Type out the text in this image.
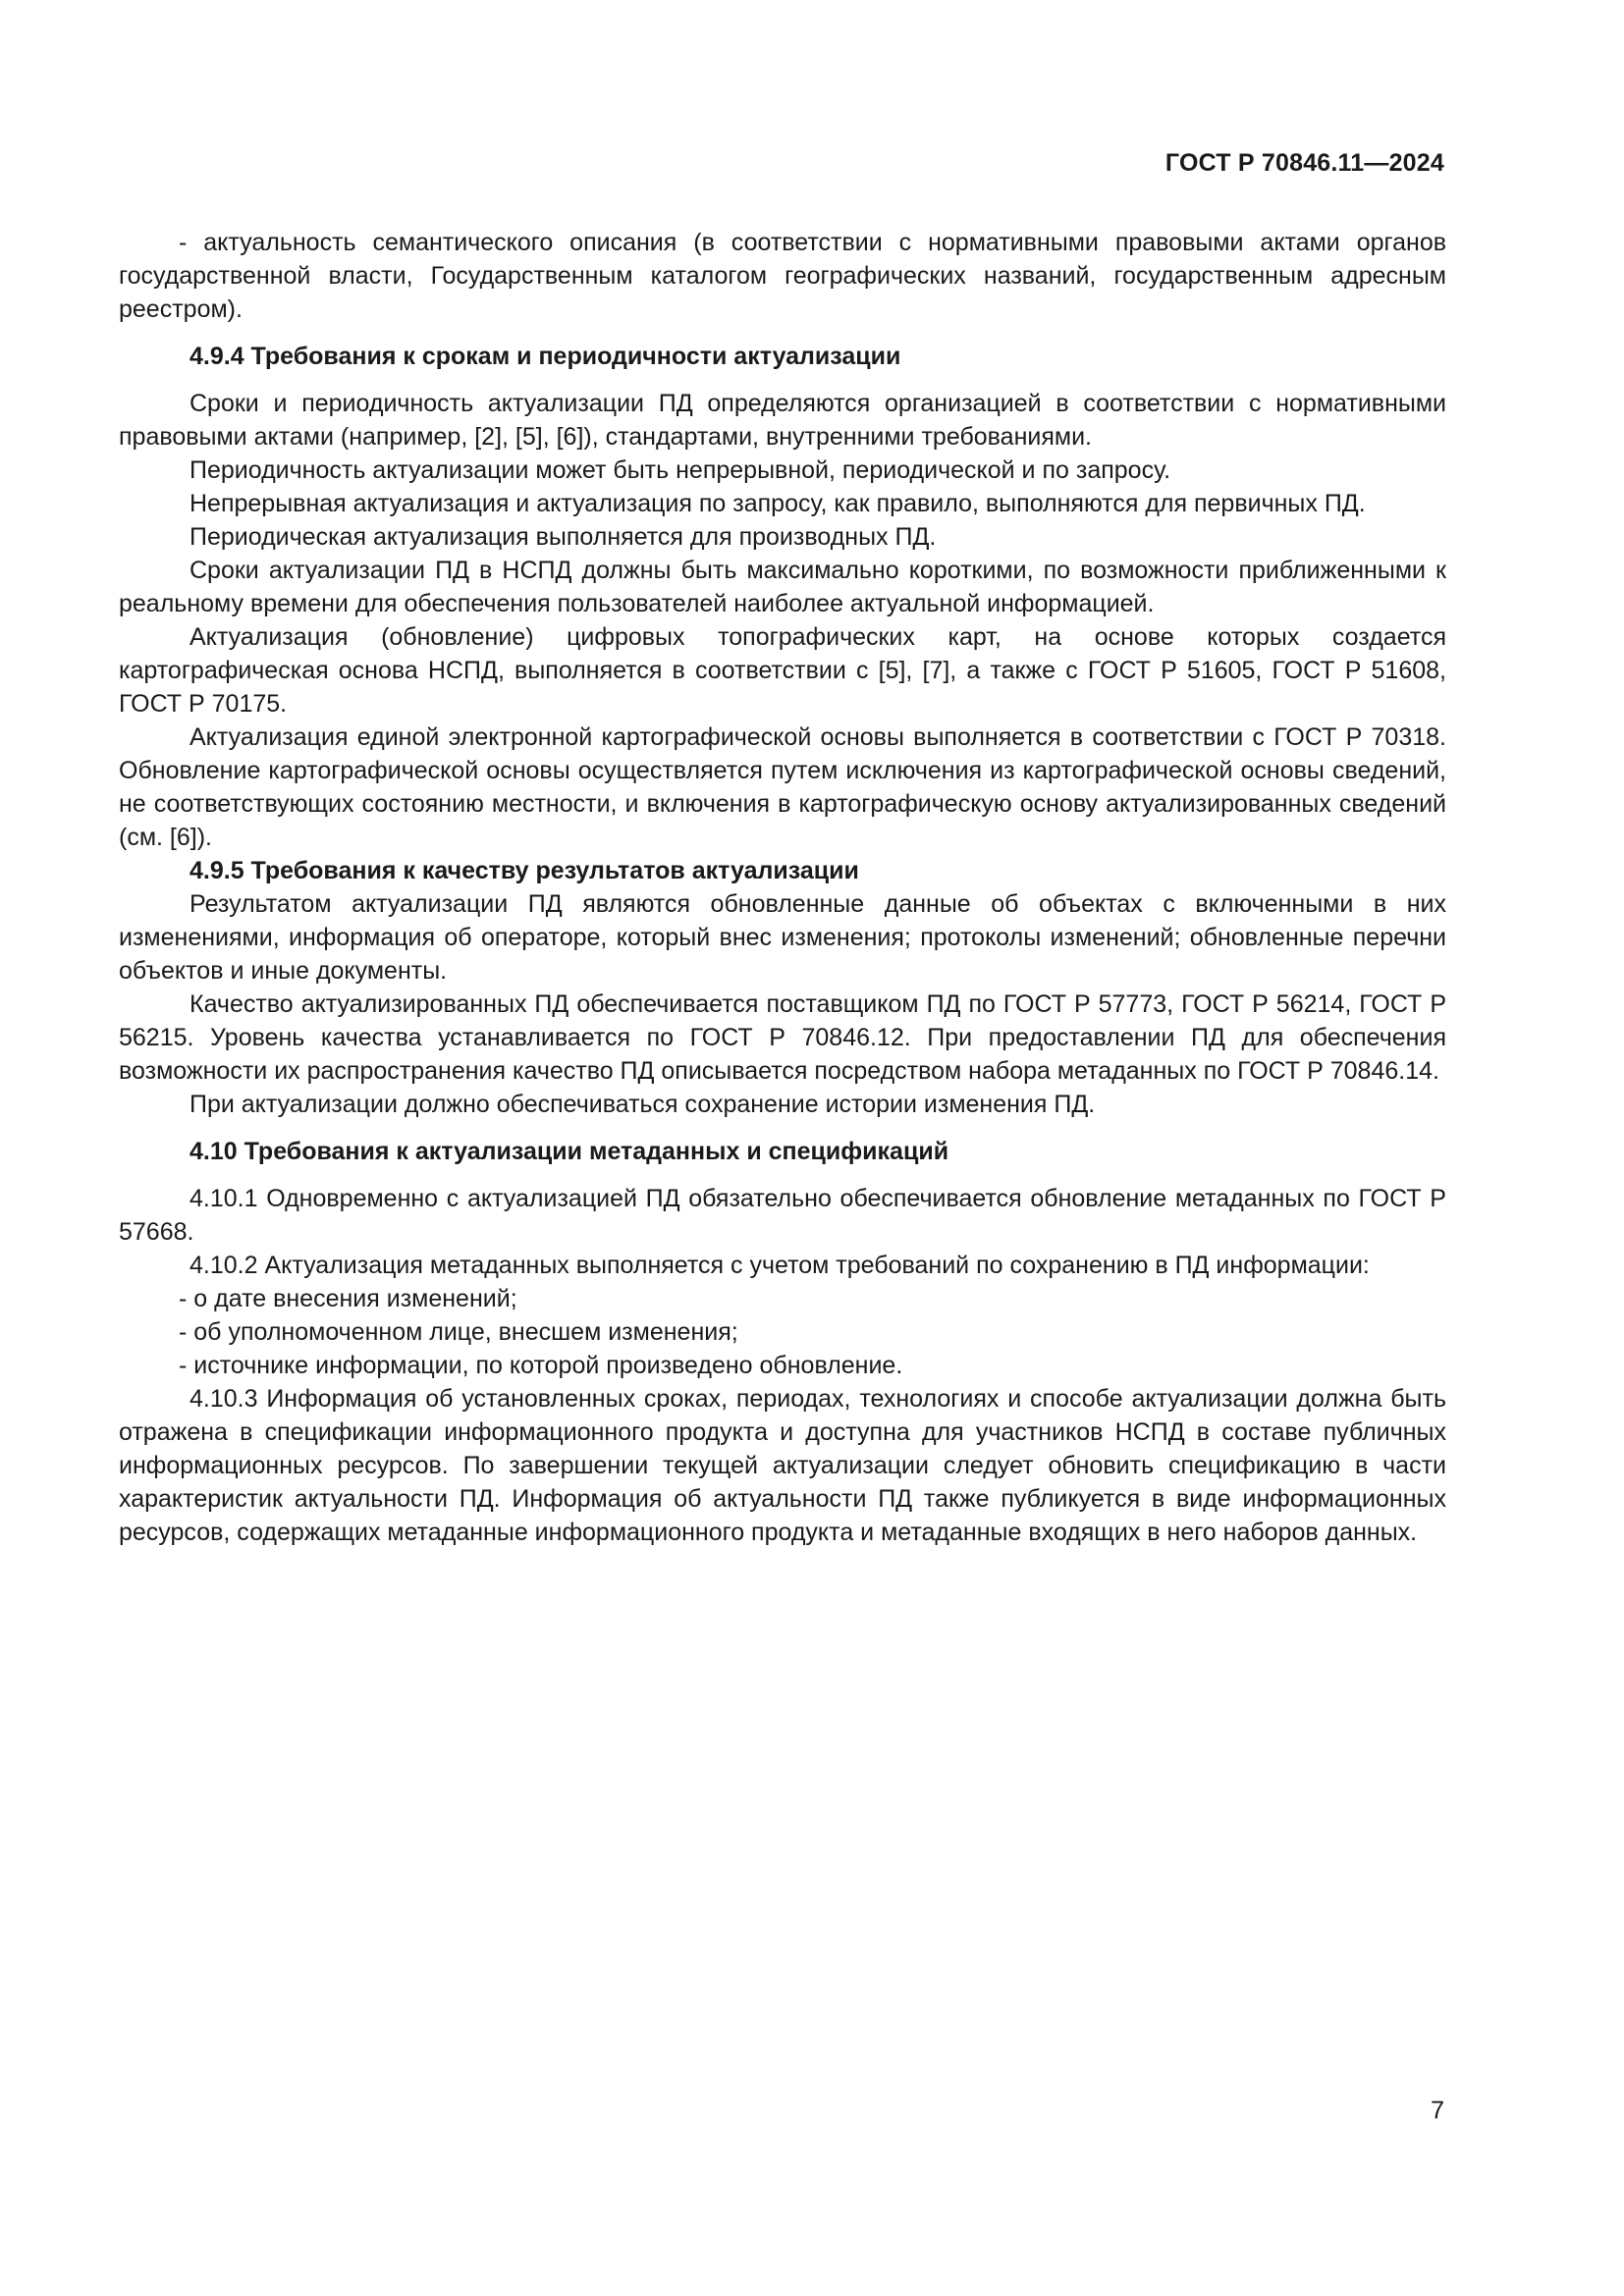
ГОСТ Р 70846.11—2024

- актуальность семантического описания (в соответствии с нормативными правовыми актами органов государственной власти, Государственным каталогом географических названий, государственным адресным реестром).

4.9.4 Требования к срокам и периодичности актуализации

Сроки и периодичность актуализации ПД определяются организацией в соответствии с нормативными правовыми актами (например, [2], [5], [6]), стандартами, внутренними требованиями.

Периодичность актуализации может быть непрерывной, периодической и по запросу.

Непрерывная актуализация и актуализация по запросу, как правило, выполняются для первичных ПД.

Периодическая актуализация выполняется для производных ПД.

Сроки актуализации ПД в НСПД должны быть максимально короткими, по возможности приближенными к реальному времени для обеспечения пользователей наиболее актуальной информацией.

Актуализация (обновление) цифровых топографических карт, на основе которых создается картографическая основа НСПД, выполняется в соответствии с [5], [7], а также с ГОСТ Р 51605, ГОСТ Р 51608, ГОСТ Р 70175.

Актуализация единой электронной картографической основы выполняется в соответствии с ГОСТ Р 70318. Обновление картографической основы осуществляется путем исключения из картографической основы сведений, не соответствующих состоянию местности, и включения в картографическую основу актуализированных сведений (см. [6]).

4.9.5 Требования к качеству результатов актуализации

Результатом актуализации ПД являются обновленные данные об объектах с включенными в них изменениями, информация об операторе, который внес изменения; протоколы изменений; обновленные перечни объектов и иные документы.

Качество актуализированных ПД обеспечивается поставщиком ПД по ГОСТ Р 57773, ГОСТ Р 56214, ГОСТ Р 56215. Уровень качества устанавливается по ГОСТ Р 70846.12. При предоставлении ПД для обеспечения возможности их распространения качество ПД описывается посредством набора метаданных по ГОСТ Р 70846.14.

При актуализации должно обеспечиваться сохранение истории изменения ПД.

4.10 Требования к актуализации метаданных и спецификаций

4.10.1 Одновременно с актуализацией ПД обязательно обеспечивается обновление метаданных по ГОСТ Р 57668.

4.10.2 Актуализация метаданных выполняется с учетом требований по сохранению в ПД информации:

- о дате внесения изменений;

- об уполномоченном лице, внесшем изменения;

- источнике информации, по которой произведено обновление.

4.10.3 Информация об установленных сроках, периодах, технологиях и способе актуализации должна быть отражена в спецификации информационного продукта и доступна для участников НСПД в составе публичных информационных ресурсов. По завершении текущей актуализации следует обновить спецификацию в части характеристик актуальности ПД. Информация об актуальности ПД также публикуется в виде информационных ресурсов, содержащих метаданные информационного продукта и метаданные входящих в него наборов данных.

7
